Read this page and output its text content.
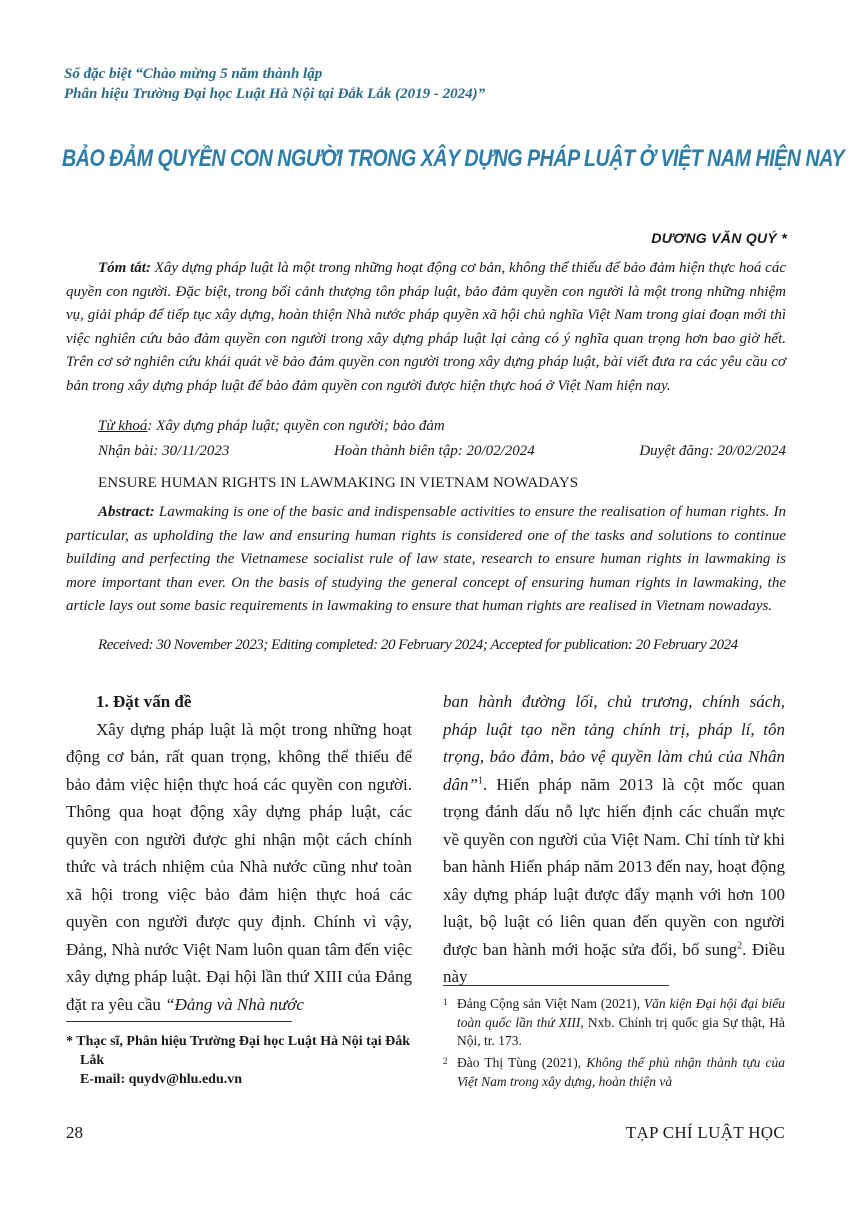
Số đặc biệt “Chào mừng 5 năm thành lập
Phân hiệu Trường Đại học Luật Hà Nội tại Đắk Lắk (2019 - 2024)”
BẢO ĐẢM QUYỀN CON NGƯỜI TRONG XÂY DỰNG PHÁP LUẬT Ở VIỆT NAM HIỆN NAY
DƯƠNG VĂN QUÝ *
Tóm tắt: Xây dựng pháp luật là một trong những hoạt động cơ bản, không thể thiếu để bảo đảm hiện thực hoá các quyền con người. Đặc biệt, trong bối cảnh thượng tôn pháp luật, bảo đảm quyền con người là một trong những nhiệm vụ, giải pháp để tiếp tục xây dựng, hoàn thiện Nhà nước pháp quyền xã hội chủ nghĩa Việt Nam trong giai đoạn mới thì việc nghiên cứu bảo đảm quyền con người trong xây dựng pháp luật lại càng có ý nghĩa quan trọng hơn bao giờ hết. Trên cơ sở nghiên cứu khái quát về bảo đảm quyền con người trong xây dựng pháp luật, bài viết đưa ra các yêu cầu cơ bản trong xây dựng pháp luật để bảo đảm quyền con người được hiện thực hoá ở Việt Nam hiện nay.
Từ khoá: Xây dựng pháp luật; quyền con người; bảo đảm
Nhận bài: 30/11/2023	Hoàn thành biên tập: 20/02/2024	Duyệt đăng: 20/02/2024
ENSURE HUMAN RIGHTS IN LAWMAKING IN VIETNAM NOWADAYS
Abstract: Lawmaking is one of the basic and indispensable activities to ensure the realisation of human rights. In particular, as upholding the law and ensuring human rights is considered one of the tasks and solutions to continue building and perfecting the Vietnamese socialist rule of law state, research to ensure human rights in lawmaking is more important than ever. On the basis of studying the general concept of ensuring human rights in lawmaking, the article lays out some basic requirements in lawmaking to ensure that human rights are realised in Vietnam nowadays.
Received: 30 November 2023; Editing completed: 20 February 2024; Accepted for publication: 20 February 2024
1. Đặt vấn đề
Xây dựng pháp luật là một trong những hoạt động cơ bản, rất quan trọng, không thể thiếu để bảo đảm việc hiện thực hoá các quyền con người. Thông qua hoạt động xây dựng pháp luật, các quyền con người được ghi nhận một cách chính thức và trách nhiệm của Nhà nước cũng như toàn xã hội trong việc bảo đảm hiện thực hoá các quyền con người được quy định. Chính vì vậy, Đảng, Nhà nước Việt Nam luôn quan tâm đến việc xây dựng pháp luật. Đại hội lần thứ XIII của Đảng đặt ra yêu cầu “Đảng và Nhà nước
ban hành đường lối, chủ trương, chính sách, pháp luật tạo nền tảng chính trị, pháp lí, tôn trọng, bảo đảm, bảo vệ quyền làm chủ của Nhân dân”$^1$. Hiến pháp năm 2013 là cột mốc quan trọng đánh dấu nỗ lực hiến định các chuẩn mực về quyền con người của Việt Nam. Chỉ tính từ khi ban hành Hiến pháp năm 2013 đến nay, hoạt động xây dựng pháp luật được đẩy mạnh với hơn 100 luật, bộ luật có liên quan đến quyền con người được ban hành mới hoặc sửa đổi, bổ sung$^2$. Điều này
* Thạc sĩ, Phân hiệu Trường Đại học Luật Hà Nội tại Đắk Lắk
E-mail: quydv@hlu.edu.vn
1 Đảng Cộng sản Việt Nam (2021), Văn kiện Đại hội đại biểu toàn quốc lần thứ XIII, Nxb. Chính trị quốc gia Sự thật, Hà Nội, tr. 173.
2 Đào Thị Tùng (2021), Không thể phủ nhận thành tựu của Việt Nam trong xây dựng, hoàn thiện và
28	TẠP CHÍ LUẬT HỌC
